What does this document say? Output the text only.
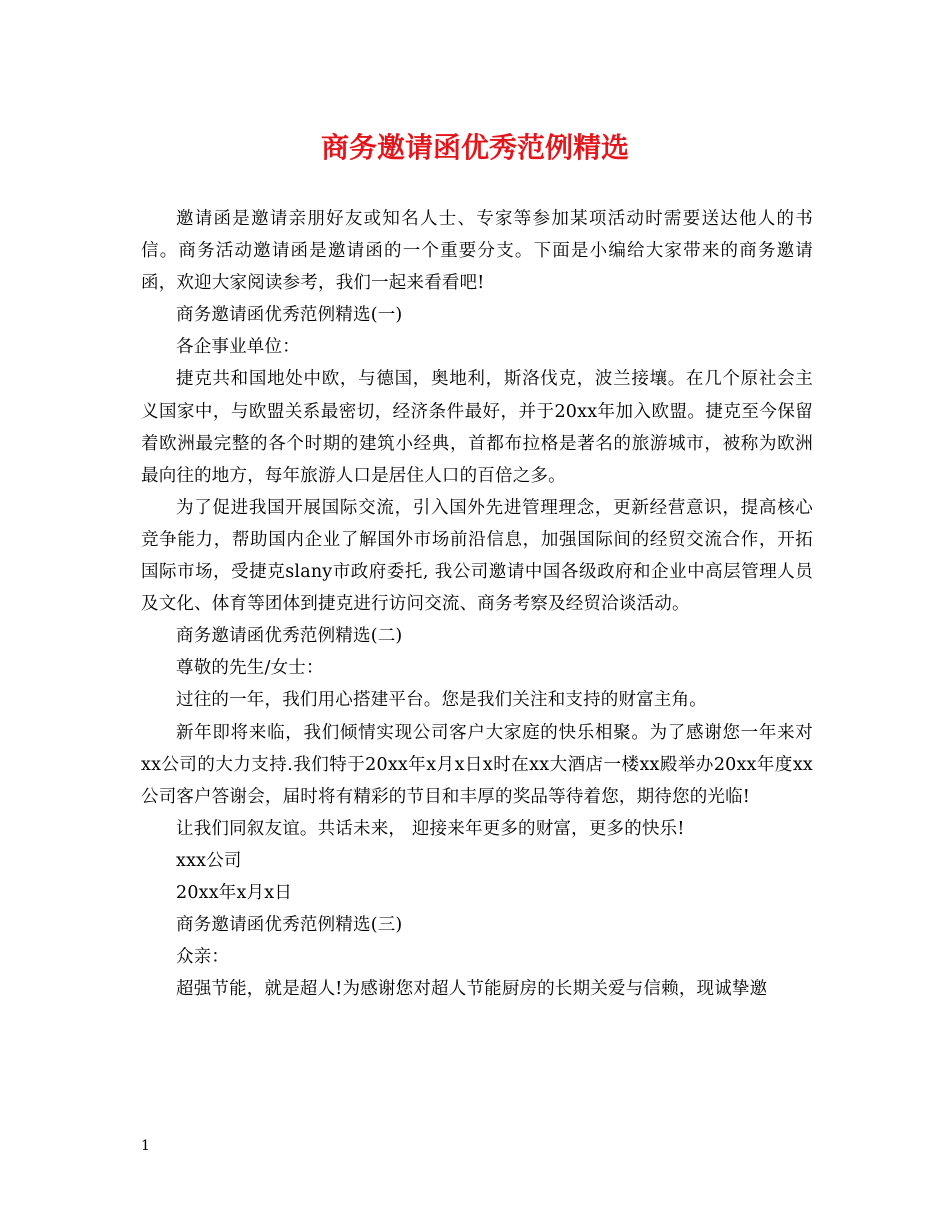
商务邀请函优秀范例精选

邀请函是邀请亲朋好友或知名人士、专家等参加某项活动时需要送达他人的书信。商务活动邀请函是邀请函的一个重要分支。下面是小编给大家带来的商务邀请函，欢迎大家阅读参考，我们一起来看看吧!

商务邀请函优秀范例精选(一)

各企事业单位：

捷克共和国地处中欧，与德国，奥地利，斯洛伐克，波兰接壤。在几个原社会主义国家中，与欧盟关系最密切，经济条件最好，并于20xx年加入欧盟。捷克至今保留着欧洲最完整的各个时期的建筑小经典，首都布拉格是著名的旅游城市，被称为欧洲最向往的地方，每年旅游人口是居住人口的百倍之多。

为了促进我国开展国际交流，引入国外先进管理理念，更新经营意识，提高核心竞争能力，帮助国内企业了解国外市场前沿信息，加强国际间的经贸交流合作，开拓国际市场，受捷克slany市政府委托, 我公司邀请中国各级政府和企业中高层管理人员及文化、体育等团体到捷克进行访问交流、商务考察及经贸洽谈活动。

商务邀请函优秀范例精选(二)

尊敬的先生/女士：

过往的一年，我们用心搭建平台。您是我们关注和支持的财富主角。

新年即将来临，我们倾情实现公司客户大家庭的快乐相聚。为了感谢您一年来对xx公司的大力支持.我们特于20xx年x月x日x时在xx大酒店一楼xx殿举办20xx年度xx公司客户答谢会，届时将有精彩的节目和丰厚的奖品等待着您，期待您的光临!

让我们同叙友谊。共话未来， 迎接来年更多的财富，更多的快乐!

xxx公司

20xx年x月x日

商务邀请函优秀范例精选(三)

众亲：

超强节能，就是超人!为感谢您对超人节能厨房的长期关爱与信赖，现诚挚邀

1
